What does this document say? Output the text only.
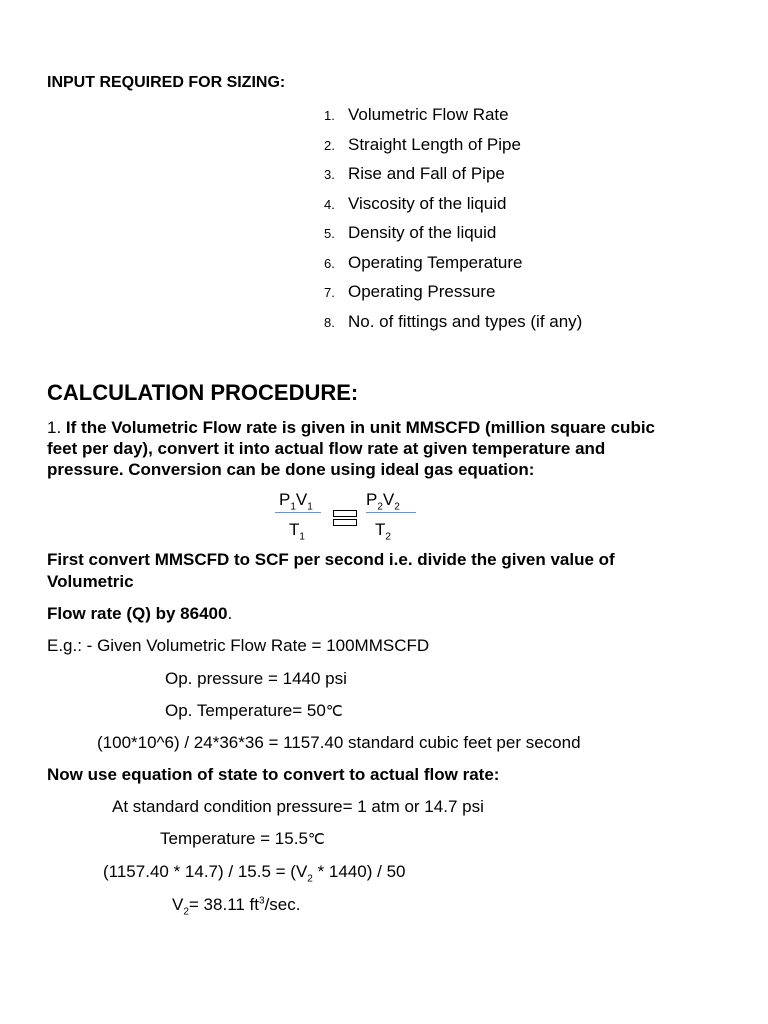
INPUT REQUIRED FOR SIZING:
1. Volumetric Flow Rate
2. Straight Length of Pipe
3. Rise and Fall of Pipe
4. Viscosity of the liquid
5. Density of the liquid
6. Operating Temperature
7. Operating Pressure
8. No. of fittings and types (if any)
CALCULATION PROCEDURE:
1. If the Volumetric Flow rate is given in unit MMSCFD (million square cubic
feet per day), convert it into actual flow rate at given temperature and
pressure. Conversion can be done using ideal gas equation:
$P_1V_1$
$T_1$
$P_2V_2$
$T_2$
First convert MMSCFD to SCF per second i.e. divide the given value of
Volumetric
Flow rate (Q) by 86400.
E.g.: - Given Volumetric Flow Rate = 100MMSCFD
Op. pressure = 1440 psi
Op. Temperature= 50℃
(100*10^6) / 24*36*36 = 1157.40 standard cubic feet per second
Now use equation of state to convert to actual flow rate:
At standard condition pressure= 1 atm or 14.7 psi
Temperature = 15.5℃
$(1157.40 * 14.7) / 15.5 = (V_2 * 1440) / 50$
$V_2= 38.11$ $ft^3/\sec$.
